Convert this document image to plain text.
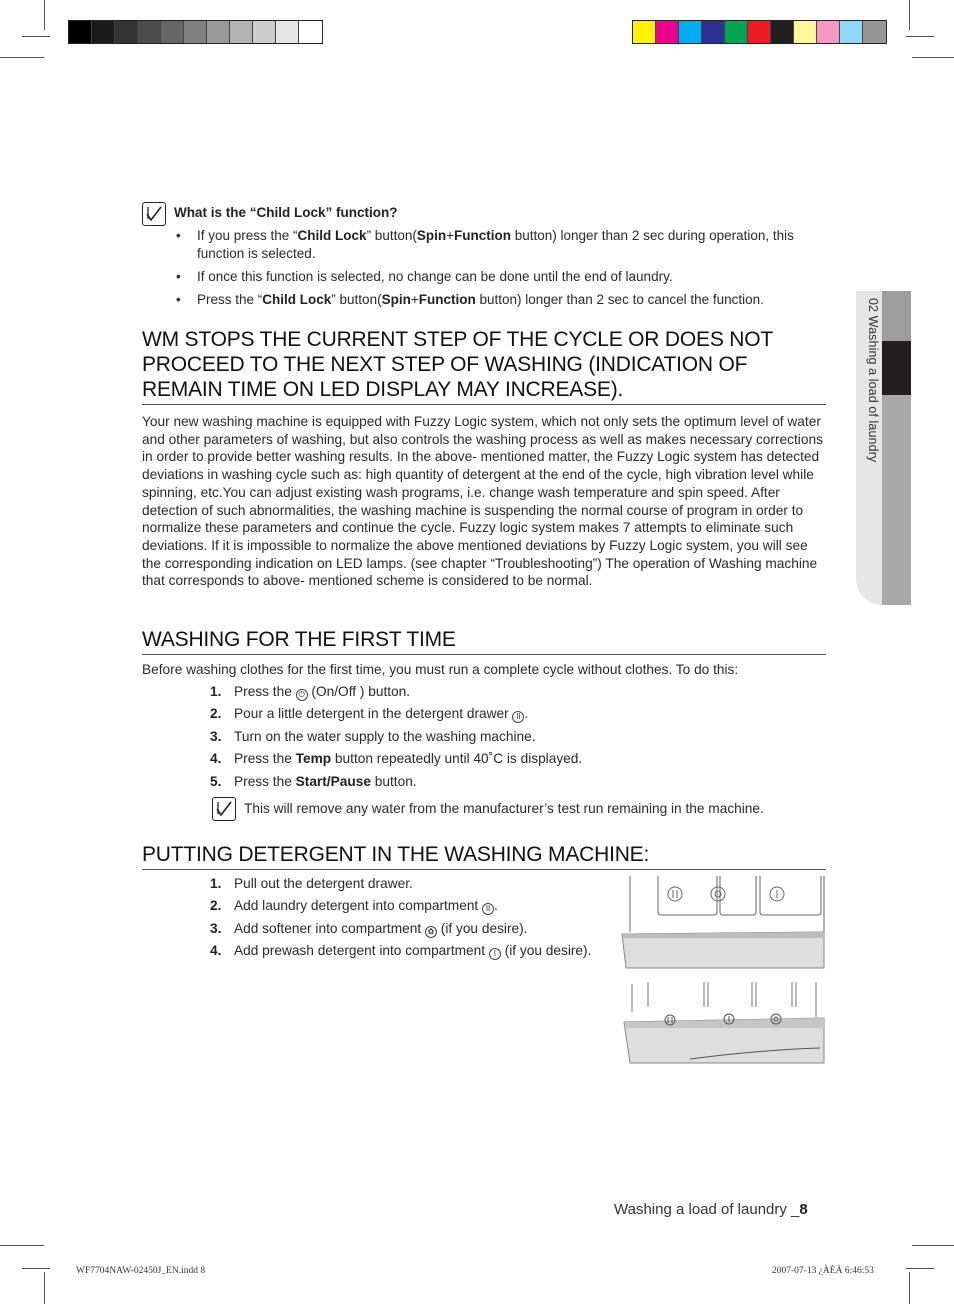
02 Washing a load of laundry
What is the “Child Lock” function?
• If you press the “Child Lock” button(Spin+Function button) longer than 2 sec during operation, this function is selected.
• If once this function is selected, no change can be done until the end of laundry.
• Press the “Child Lock” button(Spin+Function button) longer than 2 sec to cancel the function.
WM STOPS THE CURRENT STEP OF THE CYCLE OR DOES NOT PROCEED TO THE NEXT STEP OF WASHING (INDICATION OF REMAIN TIME ON LED DISPLAY MAY INCREASE).
Your new washing machine is equipped with Fuzzy Logic system, which not only sets the optimum level of water and other parameters of washing, but also controls the washing process as well as makes necessary corrections in order to provide better washing results. In the above- mentioned matter, the Fuzzy Logic system has detected deviations in washing cycle such as: high quantity of detergent at the end of the cycle, high vibration level while spinning, etc.You can adjust existing wash programs, i.e. change wash temperature and spin speed. After detection of such abnormalities, the washing machine is suspending the normal course of program in order to normalize these parameters and continue the cycle. Fuzzy logic system makes 7 attempts to eliminate such deviations. If it is impossible to normalize the above mentioned deviations by Fuzzy Logic system, you will see the corresponding indication on LED lamps. (see chapter “Troubleshooting”) The operation of Washing machine that corresponds to above- mentioned scheme is considered to be normal.
WASHING FOR THE FIRST TIME
Before washing clothes for the first time, you must run a complete cycle without clothes. To do this:
1. Press the ⏻ (On/Off ) button.
2. Pour a little detergent in the detergent drawer II .
3. Turn on the water supply to the washing machine.
4. Press the Temp button repeatedly until 40˚C is displayed.
5. Press the Start/Pause button.
This will remove any water from the manufacturer’s test run remaining in the machine.
PUTTING DETERGENT IN THE WASHING MACHINE:
1. Pull out the detergent drawer.
2. Add laundry detergent into compartment II .
3. Add softener into compartment ✿ (if you desire).
4. Add prewash detergent into compartment I (if you desire).
Washing a load of laundry _8
WF7704NAW-02450J_EN.indd 8	2007-07-13 ¿ÀÈÄ 6:46:53
